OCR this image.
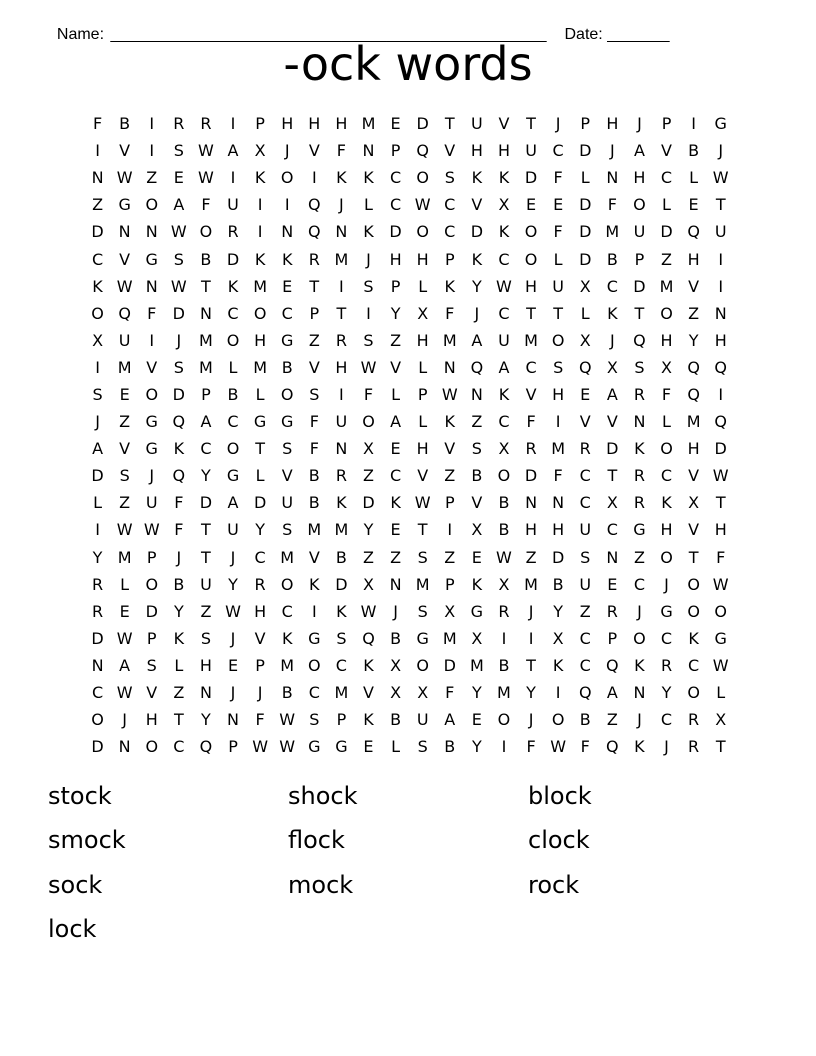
Name: _________________________________________________ Date: _______

-ock words
F	B	I	R R	I	P	H H H M E D	T	U V	T	J	P	H	J	P	I	G
I	V	I	S W A	X	J	V	F	N	P Q V H H U C D	J	A	V	B	J
N W Z	E W	I	K O	I	K	K	C O S	K	K D	F	L	N H C	L W
Z G O A	F	U	I	I	Q	J	L	C W C	V	X	E	E D	F	O	L	E	T
D N N W O R	I	N Q N K D O C D K O	F	D M U D Q U
C	V G S	B D K	K	R M	J	H H	P	K	C O	L	D B	P	Z H	I
K W N W T	K M E	T	I	S	P	L	K	Y W H U X	C D M V	I
O Q	F	D N C O C	P	T	I	Y	X	F	J	C	T	T	L	K	T O Z N
X U	I	J	M O H G Z	R	S	Z H M A U M O X	J	Q H	Y	H
I	M V	S M L M B	V H W V	L	N Q A	C	S Q X	S	X Q Q
S	E O D	P	B	L	O S	I	F	L	P W N K	V H	E	A	R	F	Q	I
J	Z G Q A	C G G	F	U O A	L	K	Z	C	F	I	V	V N	L M Q
A	V G K	C O T	S	F	N X	E	H V	S	X	R M R D K O H D
D S	J	Q Y	G	L	V	B	R	Z	C	V	Z	B O D	F	C	T	R C	V W
L	Z U	F	D A D U B	K D K W P	V	B N N C	X	R	K	X	T
I	W W F	T	U	Y	S M M Y	E	T	I	X	B H H U C G H V H
Y M P	J	T	J	C M V	B	Z	Z	S	Z	E W Z D S	N Z O T	F
R	L	O B U	Y	R O K D X N M P	K	X M B U	E	C	J	O W
R	E D	Y	Z W H C	I	K W	J	S	X G R	J	Y	Z	R	J	G O O
D W P	K	S	J	V	K G S Q B G M X	I	I	X	C	P O C	K G
N A	S	L	H	E	P M O C	K	X O D M B	T	K	C Q K	R C W
C W V	Z N	J	J	B	C M V	X	X	F	Y M Y	I	Q A N	Y O	L
O	J	H	T	Y	N	F W S	P	K	B U A	E O	J	O B	Z	J	C R	X
D N O C Q P W W G G E	L	S	B	Y	I	F W F	Q K	J	R	T
stock	shock	block
smock	flock	clock
sock	mock	rock
lock
